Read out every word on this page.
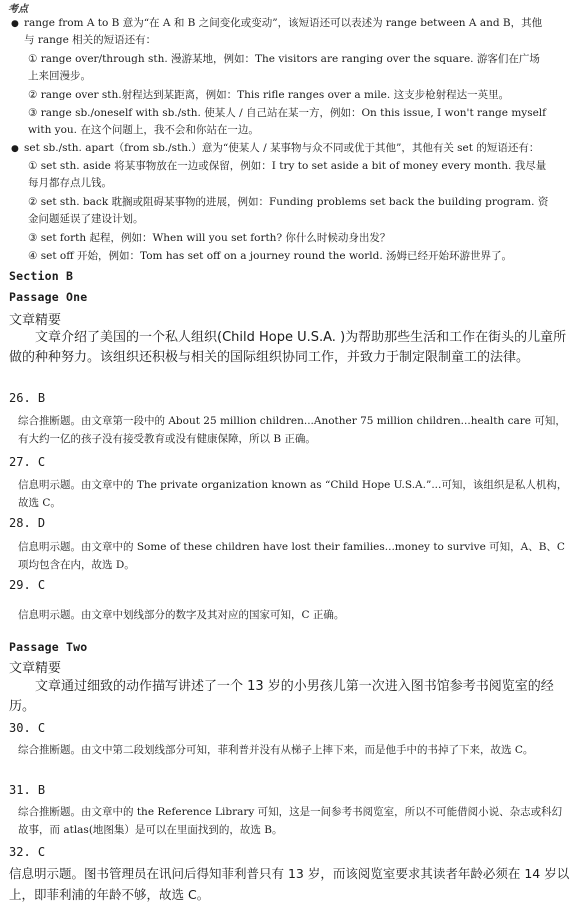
考点
● range from A to B 意为“在 A 和 B 之间变化或变动”，该短语还可以表述为 range between A and B，其他与 range 相关的短语还有：
① range over/through sth. 漫游某地，例如：The visitors are ranging over the square. 游客们在广场上来回漫步。
② range over sth.射程达到某距离，例如：This rifle ranges over a mile. 这支步枪射程达一英里。
③ range sb./oneself with sb./sth. 使某人 / 自己站在某一方，例如：On this issue, I won't range myself with you. 在这个问题上，我不会和你站在一边。
● set sb./sth. apart（from sb./sth.）意为“使某人 / 某事物与众不同或优于其他”，其他有关 set 的短语还有：
① set sth. aside 将某事物放在一边或保留，例如：I try to set aside a bit of money every month. 我尽量每月都存点儿钱。
② set sth. back 耽搁或阻碍某事物的进展，例如：Funding problems set back the building program. 资金问题延误了建设计划。
③ set forth 起程，例如：When will you set forth? 你什么时候动身出发？
④ set off 开始，例如：Tom has set off on a journey round the world. 汤姆已经开始环游世界了。
Section B
Passage One
文章精要
文章介绍了美国的一个私人组织(Child Hope U.S.A. )为帮助那些生活和工作在街头的儿童所做的种种努力。该组织还积极与相关的国际组织协同工作，并致力于制定限制童工的法律。
26. B
综合推断题。由文章第一段中的 About 25 million children...Another 75 million children...health care 可知，有大约一亿的孩子没有接受教育或没有健康保障，所以 B 正确。
27. C
信息明示题。由文章中的 The private organization known as “Child Hope U.S.A.”...可知，该组织是私人机构，故选 C。
28. D
信息明示题。由文章中的 Some of these children have lost their families...money to survive 可知，A、B、C 项均包含在内，故选 D。
29. C
信息明示题。由文章中划线部分的数字及其对应的国家可知，C 正确。
Passage Two
文章精要
文章通过细致的动作描写讲述了一个 13 岁的小男孩儿第一次进入图书馆参考书阅览室的经历。
30. C
综合推断题。由文中第二段划线部分可知，菲利普并没有从梯子上摔下来，而是他手中的书掉了下来，故选 C。
31. B
综合推断题。由文章中的 the Reference Library 可知，这是一间参考书阅览室，所以不可能借阅小说、杂志或科幻故事，而 atlas(地图集）是可以在里面找到的，故选 B。
32. C
信息明示题。图书管理员在讯问后得知菲利普只有 13 岁，而该阅览室要求其读者年龄必须在 14 岁以上，即菲利浦的年龄不够，故选 C。
